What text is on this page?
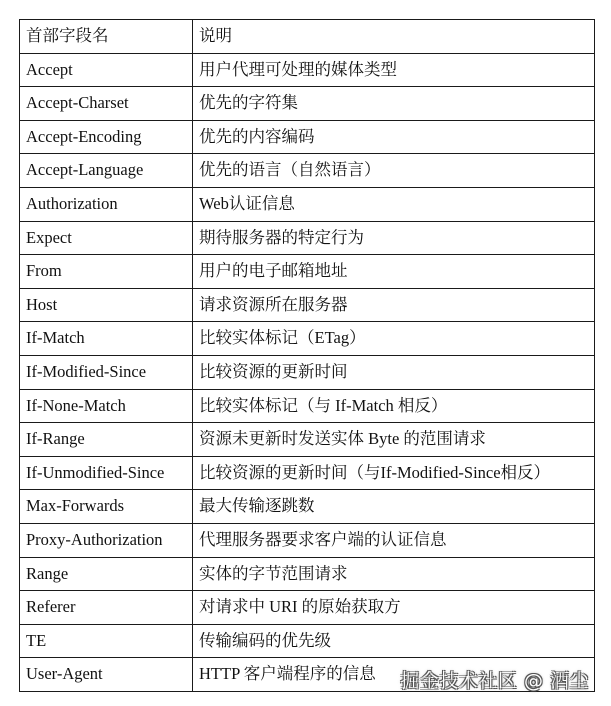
首部字段名	说明
Accept	用户代理可处理的媒体类型
Accept-Charset	优先的字符集
Accept-Encoding	优先的内容编码
Accept-Language	优先的语言（自然语言）
Authorization	Web认证信息
Expect	期待服务器的特定行为
From	用户的电子邮箱地址
Host	请求资源所在服务器
If-Match	比较实体标记（ETag）
If-Modified-Since	比较资源的更新时间
If-None-Match	比较实体标记（与 If-Match 相反）
If-Range	资源未更新时发送实体 Byte 的范围请求
If-Unmodified-Since	比较资源的更新时间（与If-Modified-Since相反）
Max-Forwards	最大传输逐跳数
Proxy-Authorization	代理服务器要求客户端的认证信息
Range	实体的字节范围请求
Referer	对请求中 URI 的原始获取方
TE	传输编码的优先级
User-Agent	HTTP 客户端程序的信息 掘金技术社区 @ 酒尘
